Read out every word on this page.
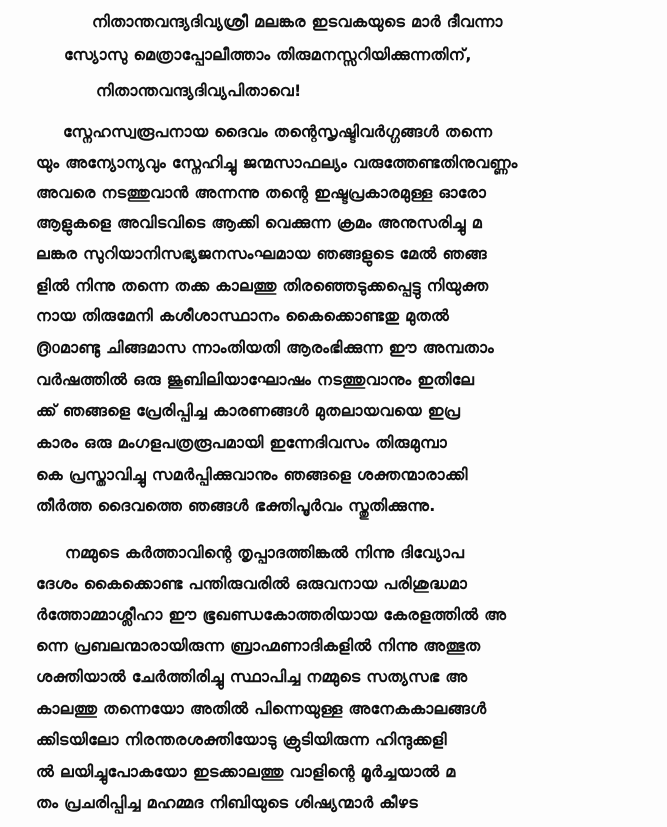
നിതാന്തവന്ദ്യദിവ്യശ്രീ മലങ്കര ഇടവകയുടെ മാർ ദീവന്നാ
സ്യോസു മെത്രാപ്പോലീത്താം തിരുമനസ്സറിയിക്കുന്നതിന്,
നിതാന്തവന്ദ്യദിവ്യപിതാവെ!
സ്നേഹസ്വരൂപനായ ദൈവം തന്റെസൃഷ്ടിവർഗ്ഗങ്ങൾ തന്നെ
യും അന്യോന്യവും സ്നേഹിച്ചു ജന്മസാഫല്യം വരുത്തേണ്ടതിനുവണ്ണം
അവരെ നടത്തുവാൻ അന്നന്നു തന്റെ ഇഷ്ടപ്രകാരമുള്ള ഓരോ
ആളുകളെ അവിടവിടെ ആക്കി വെക്കുന്ന ക്രമം അനുസരിച്ചു മ
ലങ്കര സുറിയാനിസഭ്യജനസംഘമായ ഞങ്ങളുടെ മേൽ ഞങ്ങ
ളിൽ നിന്നു തന്നെ തക്ക കാലത്തു തിരഞ്ഞെടുക്കപ്പെട്ടു നിയുക്ത
നായ തിരുമേനി കശീശാസ്ഥാനം കൈക്കൊണ്ടതു മുതൽ
൫൦മാണ്ടു ചിങ്ങമാസ ന്നാംതിയതി ആരംഭിക്കുന്ന ഈ അമ്പതാം
വർഷത്തിൽ ഒരു ജൂബിലിയാഘോഷം നടത്തുവാനും ഇതിലേ
ക്ക് ഞങ്ങളെ പ്രേരിപ്പിച്ച കാരണങ്ങൾ മുതലായവയെ ഇപ്ര
കാരം ഒരു മംഗളപത്രരൂപമായി ഇന്നേദിവസം തിരുമുമ്പാ
കെ പ്രസ്താവിച്ചു സമർപ്പിക്കുവാനും ഞങ്ങളെ ശക്തന്മാരാക്കി
തീർത്ത ദൈവത്തെ ഞങ്ങൾ ഭക്തിപൂർവം സ്തുതിക്കുന്നു.
നമ്മുടെ കർത്താവിന്റെ തൃപ്പാദത്തിങ്കൽ നിന്നു ദിവ്യോപ
ദേശം കൈക്കൊണ്ട പന്തിരുവരിൽ ഒരുവനായ പരിശുദ്ധമാ
ർത്തോമ്മാശ്ലീഹാ ഈ ഭൂഖണ്ഡകോത്തരിയായ കേരളത്തിൽ അ
ന്നെ പ്രബലന്മാരായിരുന്ന ബ്രാഹ്മണാദികളിൽ നിന്നു അത്ഭുത
ശക്തിയാൽ ചേർത്തിരിച്ചു സ്ഥാപിച്ച നമ്മുടെ സത്യസഭ അ
കാലത്തു തന്നെയോ അതിൽ പിന്നെയുള്ള അനേകകാലങ്ങൾ
ക്കിടയിലോ നിരന്തരശക്തിയോടു ക്രുടിയിരുന്ന ഹിന്ദുക്കളി
ൽ ലയിച്ചുപോകയോ ഇടക്കാലത്തു വാളിന്റെ മൂർച്ചയാൽ മ
തം പ്രചരിപ്പിച്ച മഹമ്മദ നിബിയുടെ ശിഷ്യന്മാർ കീഴട
